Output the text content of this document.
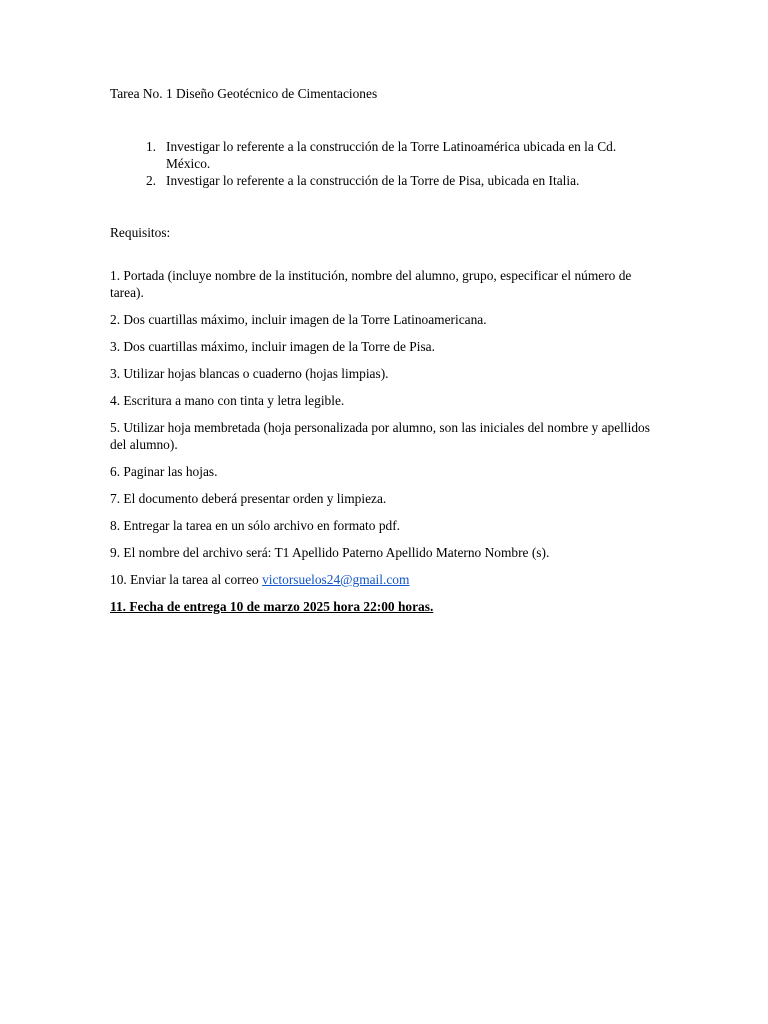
Tarea No. 1 Diseño Geotécnico de Cimentaciones
1. Investigar lo referente a la construcción de la Torre Latinoamérica ubicada en la Cd. México.
2. Investigar lo referente a la construcción de la Torre de Pisa, ubicada en Italia.
Requisitos:
1. Portada (incluye nombre de la institución, nombre del alumno, grupo, especificar el número de tarea).
2. Dos cuartillas máximo, incluir imagen de la Torre Latinoamericana.
3. Dos cuartillas máximo, incluir imagen de la Torre de Pisa.
3. Utilizar hojas blancas o cuaderno (hojas limpias).
4. Escritura a mano con tinta y letra legible.
5. Utilizar hoja membretada (hoja personalizada por alumno, son las iniciales del nombre y apellidos del alumno).
6. Paginar las hojas.
7. El documento deberá presentar orden y limpieza.
8. Entregar la tarea en un sólo archivo en formato pdf.
9. El nombre del archivo será: T1 Apellido Paterno Apellido Materno Nombre (s).
10. Enviar la tarea al correo victorsuelos24@gmail.com
11. Fecha de entrega 10 de marzo 2025 hora 22:00 horas.
